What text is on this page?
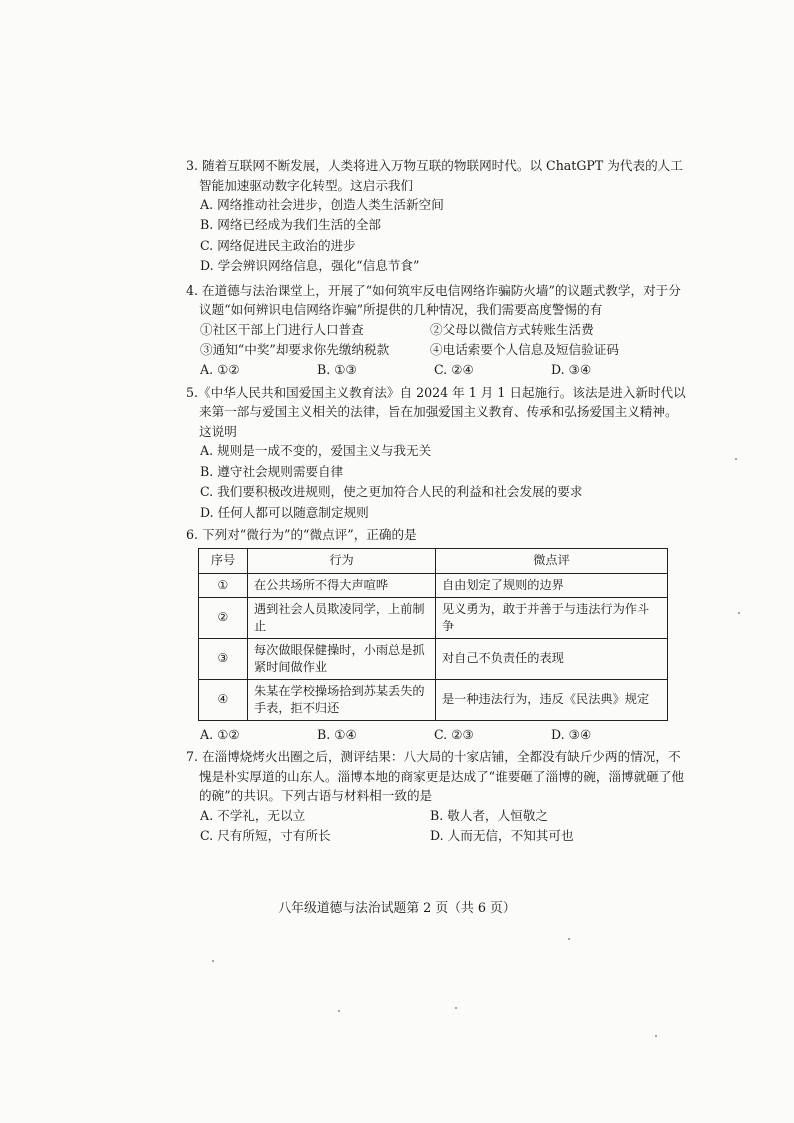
3. 随着互联网不断发展，人类将进入万物互联的物联网时代。以 ChatGPT 为代表的人工智能加速驱动数字化转型。这启示我们

A. 网络推动社会进步，创造人类生活新空间

B. 网络已经成为我们生活的全部

C. 网络促进民主政治的进步

D. 学会辨识网络信息，强化“信息节食”

4. 在道德与法治课堂上，开展了“如何筑牢反电信网络诈骗防火墙”的议题式教学，对于分议题“如何辨识电信网络诈骗”所提供的几种情况，我们需要高度警惕的有

①社区干部上门进行人口普查	②父母以微信方式转账生活费
③通知“中奖”却要求你先缴纳税款	④电话索要个人信息及短信验证码
A. ①②	B. ①③	C. ②④	D. ③④

5.《中华人民共和国爱国主义教育法》自 2024 年 1 月 1 日起施行。该法是进入新时代以来第一部与爱国主义相关的法律，旨在加强爱国主义教育、传承和弘扬爱国主义精神。这说明

A. 规则是一成不变的，爱国主义与我无关

B. 遵守社会规则需要自律

C. 我们要积极改进规则，使之更加符合人民的利益和社会发展的要求

D. 任何人都可以随意制定规则

6. 下列对“微行为”的“微点评”，正确的是

序号	行为	微点评
①	在公共场所不得大声喧哗	自由划定了规则的边界
②	遇到社会人员欺凌同学，上前制止	见义勇为，敢于并善于与违法行为作斗争
③	每次做眼保健操时，小雨总是抓紧时间做作业	对自己不负责任的表现
④	朱某在学校操场拾到苏某丢失的手表，拒不归还	是一种违法行为，违反《民法典》规定
A. ①②	B. ①④	C. ②③	D. ③④

7. 在淄博烧烤火出圈之后，测评结果：八大局的十家店铺，全都没有缺斤少两的情况，不愧是朴实厚道的山东人。淄博本地的商家更是达成了“谁要砸了淄博的碗，淄博就砸了他的碗”的共识。下列古语与材料相一致的是

A. 不学礼，无以立	B. 敬人者，人恒敬之
C. 尺有所短，寸有所长	D. 人而无信，不知其可也
八年级道德与法治试题第 2 页（共 6 页）
